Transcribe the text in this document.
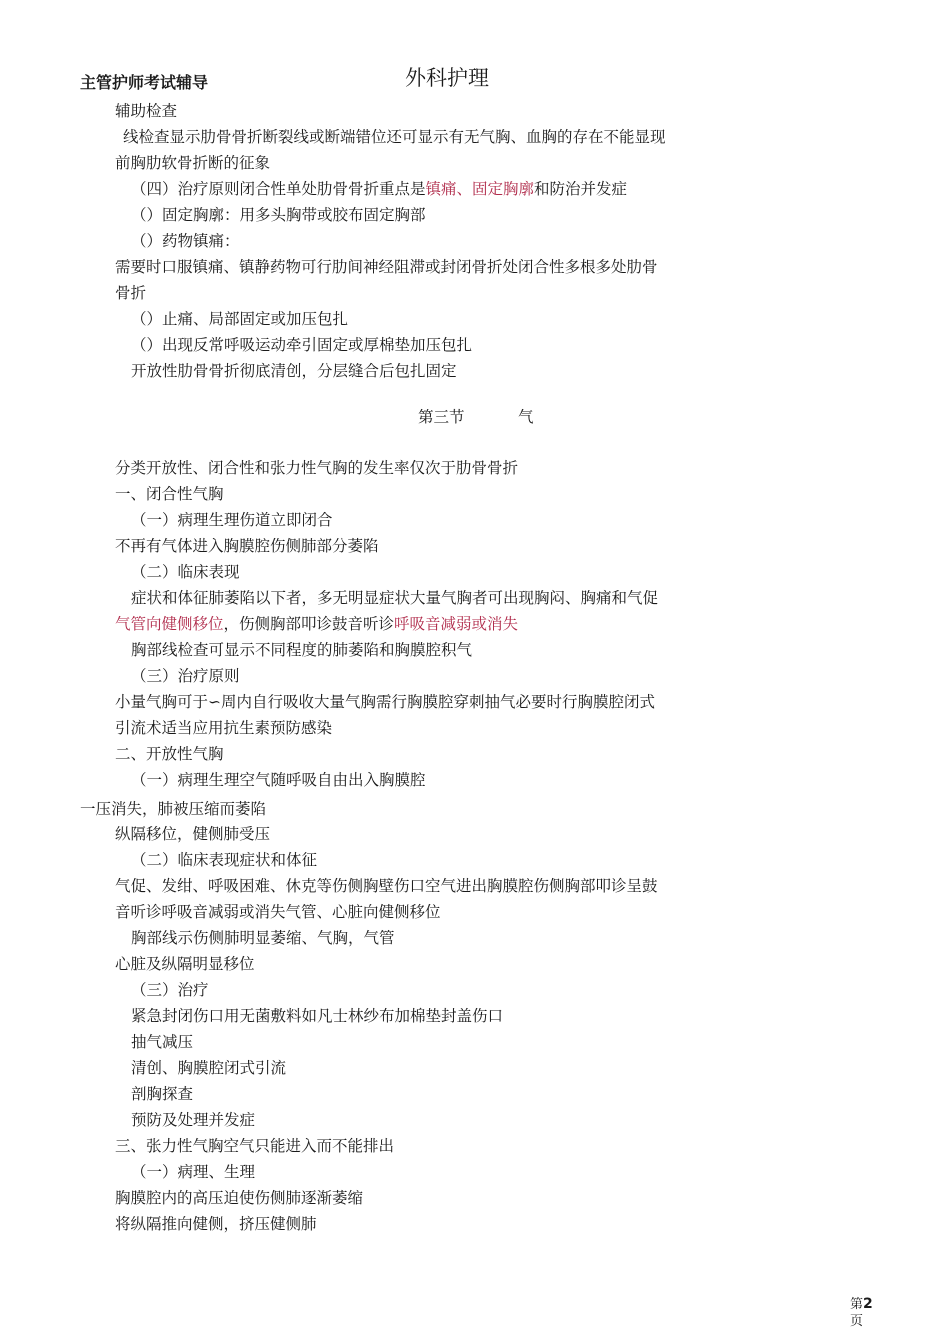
主管护师考试辅导	外科护理
辅助检查
线检查显示肋骨骨折断裂线或断端错位还可显示有无气胸、血胸的存在不能显现
前胸肋软骨折断的征象
（四）治疗原则闭合性单处肋骨骨折重点是镇痛、固定胸廓和防治并发症
（）固定胸廓：用多头胸带或胶布固定胸部
（）药物镇痛：
需要时口服镇痛、镇静药物可行肋间神经阻滞或封闭骨折处闭合性多根多处肋骨
骨折
（）止痛、局部固定或加压包扎
（）出现反常呼吸运动牵引固定或厚棉垫加压包扎
开放性肋骨骨折彻底清创，分层缝合后包扎固定
第三节	气
分类开放性、闭合性和张力性气胸的发生率仅次于肋骨骨折
一、闭合性气胸
（一）病理生理伤道立即闭合
不再有气体进入胸膜腔伤侧肺部分萎陷
（二）临床表现
症状和体征肺萎陷以下者，多无明显症状大量气胸者可出现胸闷、胸痛和气促
气管向健侧移位，伤侧胸部叩诊鼓音听诊呼吸音减弱或消失
胸部线检查可显示不同程度的肺萎陷和胸膜腔积气
（三）治疗原则
小量气胸可于∽周内自行吸收大量气胸需行胸膜腔穿刺抽气必要时行胸膜腔闭式
引流术适当应用抗生素预防感染
二、开放性气胸
（一）病理生理空气随呼吸自由出入胸膜腔
一压消失，肺被压缩而萎陷
纵隔移位，健侧肺受压
（二）临床表现症状和体征
气促、发绀、呼吸困难、休克等伤侧胸壁伤口空气进出胸膜腔伤侧胸部叩诊呈鼓
音听诊呼吸音减弱或消失气管、心脏向健侧移位
胸部线示伤侧肺明显萎缩、气胸，气管
心脏及纵隔明显移位
（三）治疗
紧急封闭伤口用无菌敷料如凡士林纱布加棉垫封盖伤口
抽气减压
清创、胸膜腔闭式引流
剖胸探查
预防及处理并发症
三、张力性气胸空气只能进入而不能排出
（一）病理、生理
胸膜腔内的高压迫使伤侧肺逐渐萎缩
将纵隔推向健侧，挤压健侧肺
第2
页
